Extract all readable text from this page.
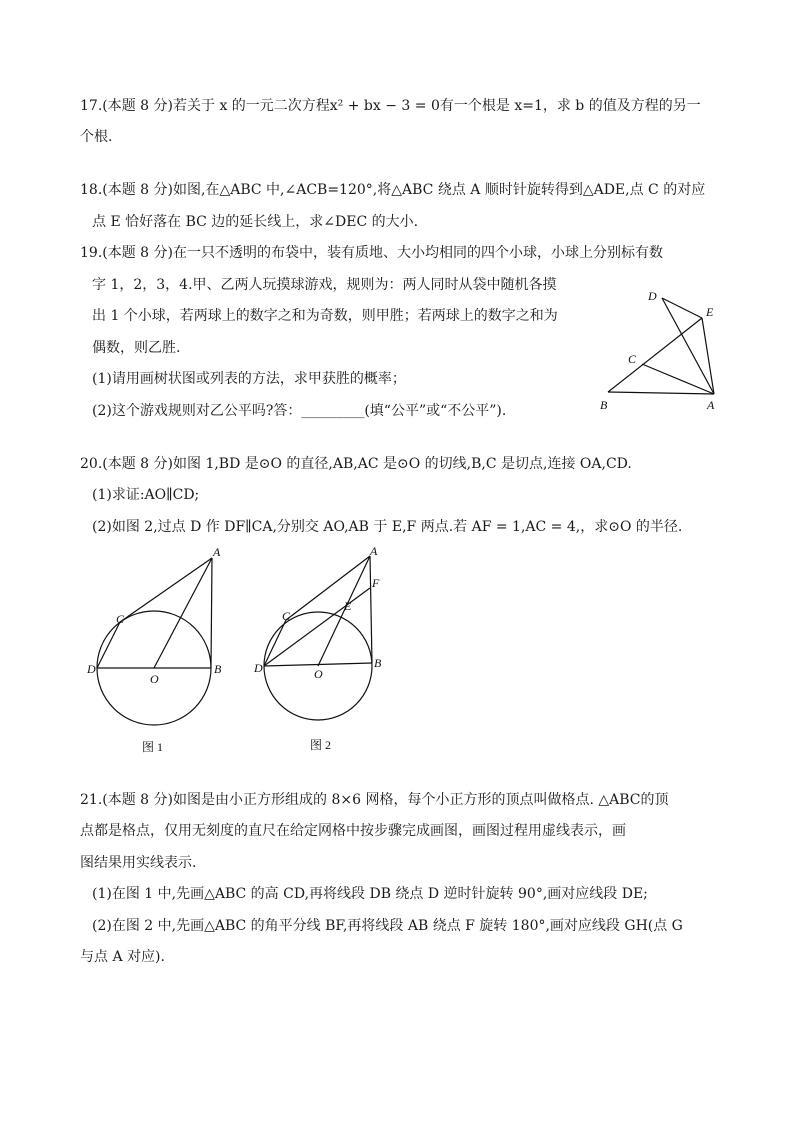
17.(本题 8 分)若关于 x 的一元二次方程x² + bx − 3 = 0有一个根是 x=1，求 b 的值及方程的另一
个根.
18.(本题 8 分)如图,在△ABC 中,∠ACB=120°,将△ABC 绕点 A 顺时针旋转得到△ADE,点 C 的对应
点 E 恰好落在 BC 边的延长线上，求∠DEC 的大小.
19.(本题 8 分)在一只不透明的布袋中，装有质地、大小均相同的四个小球，小球上分别标有数
字 1，2，3，4.甲、乙两人玩摸球游戏，规则为：两人同时从袋中随机各摸
出 1 个小球，若两球上的数字之和为奇数，则甲胜；若两球上的数字之和为
偶数，则乙胜.
(1)请用画树状图或列表的方法，求甲获胜的概率；
(2)这个游戏规则对乙公平吗?答：_________(填“公平”或“不公平”).
D
E
C
B	A
20.(本题 8 分)如图 1,BD 是⊙O 的直径,AB,AC 是⊙O 的切线,B,C 是切点,连接 OA,CD.
(1)求证:AO∥CD;
(2)如图 2,过点 D 作 DF∥CA,分别交 AO,AB 于 E,F 两点.若 AF = 1,AC = 4,，求⊙O 的半径.
A
C
D
O
B
图 1
A
F
E
C
D	O
B
图 2
21.(本题 8 分)如图是由小正方形组成的 8×6 网格，每个小正方形的顶点叫做格点. △ABC的顶
点都是格点，仅用无刻度的直尺在给定网格中按步骤完成画图，画图过程用虚线表示，画
图结果用实线表示.
(1)在图 1 中,先画△ABC 的高 CD,再将线段 DB 绕点 D 逆时针旋转 90°,画对应线段 DE;
(2)在图 2 中,先画△ABC 的角平分线 BF,再将线段 AB 绕点 F 旋转 180°,画对应线段 GH(点 G
与点 A 对应).
